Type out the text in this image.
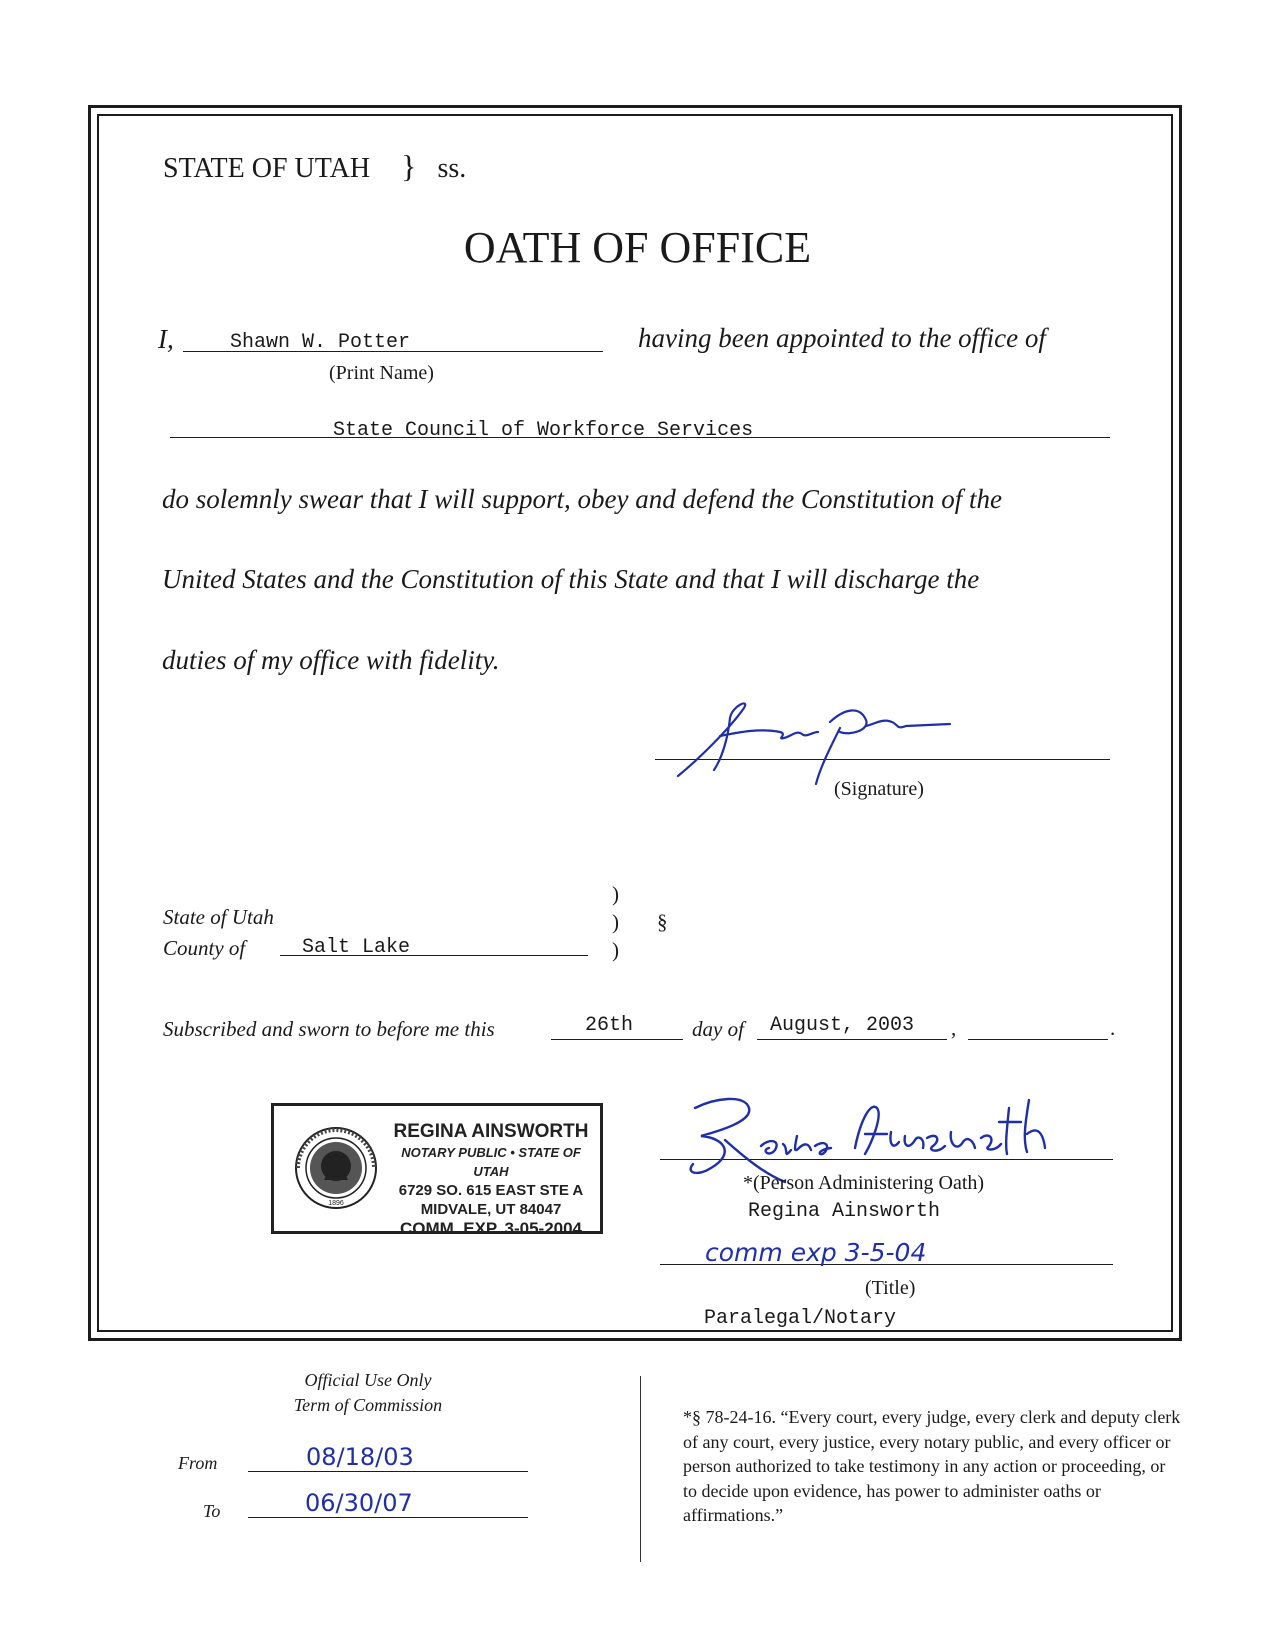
STATE OF UTAH } ss.
OATH OF OFFICE
I,	Shawn W. Potter
(Print Name)
having been appointed to the office of
State Council of Workforce Services
do solemnly swear that I will support, obey and defend the Constitution of the
United States and the Constitution of this State and that I will discharge the
duties of my office with fidelity.
(Signature)
State of Utah
County of	Salt Lake
)
)
)
§
Subscribed and sworn to before me this	26th	day of August, 2003 ,	.
1896
REGINA AINSWORTH
NOTARY PUBLIC • STATE OF UTAH
6729 SO. 615 EAST STE A
MIDVALE, UT 84047
COMM. EXP. 3-05-2004
*(Person Administering Oath)
Regina Ainsworth
comm exp 3-5-04
(Title)
Paralegal/Notary
Official Use Only
Term of Commission
From	08/18/03
To	06/30/07
*§ 78-24-16. “Every court, every judge, every clerk and deputy clerk of any court, every justice, every notary public, and every officer or person authorized to take testimony in any action or proceeding, or to decide upon evidence, has power to administer oaths or affirmations.”
